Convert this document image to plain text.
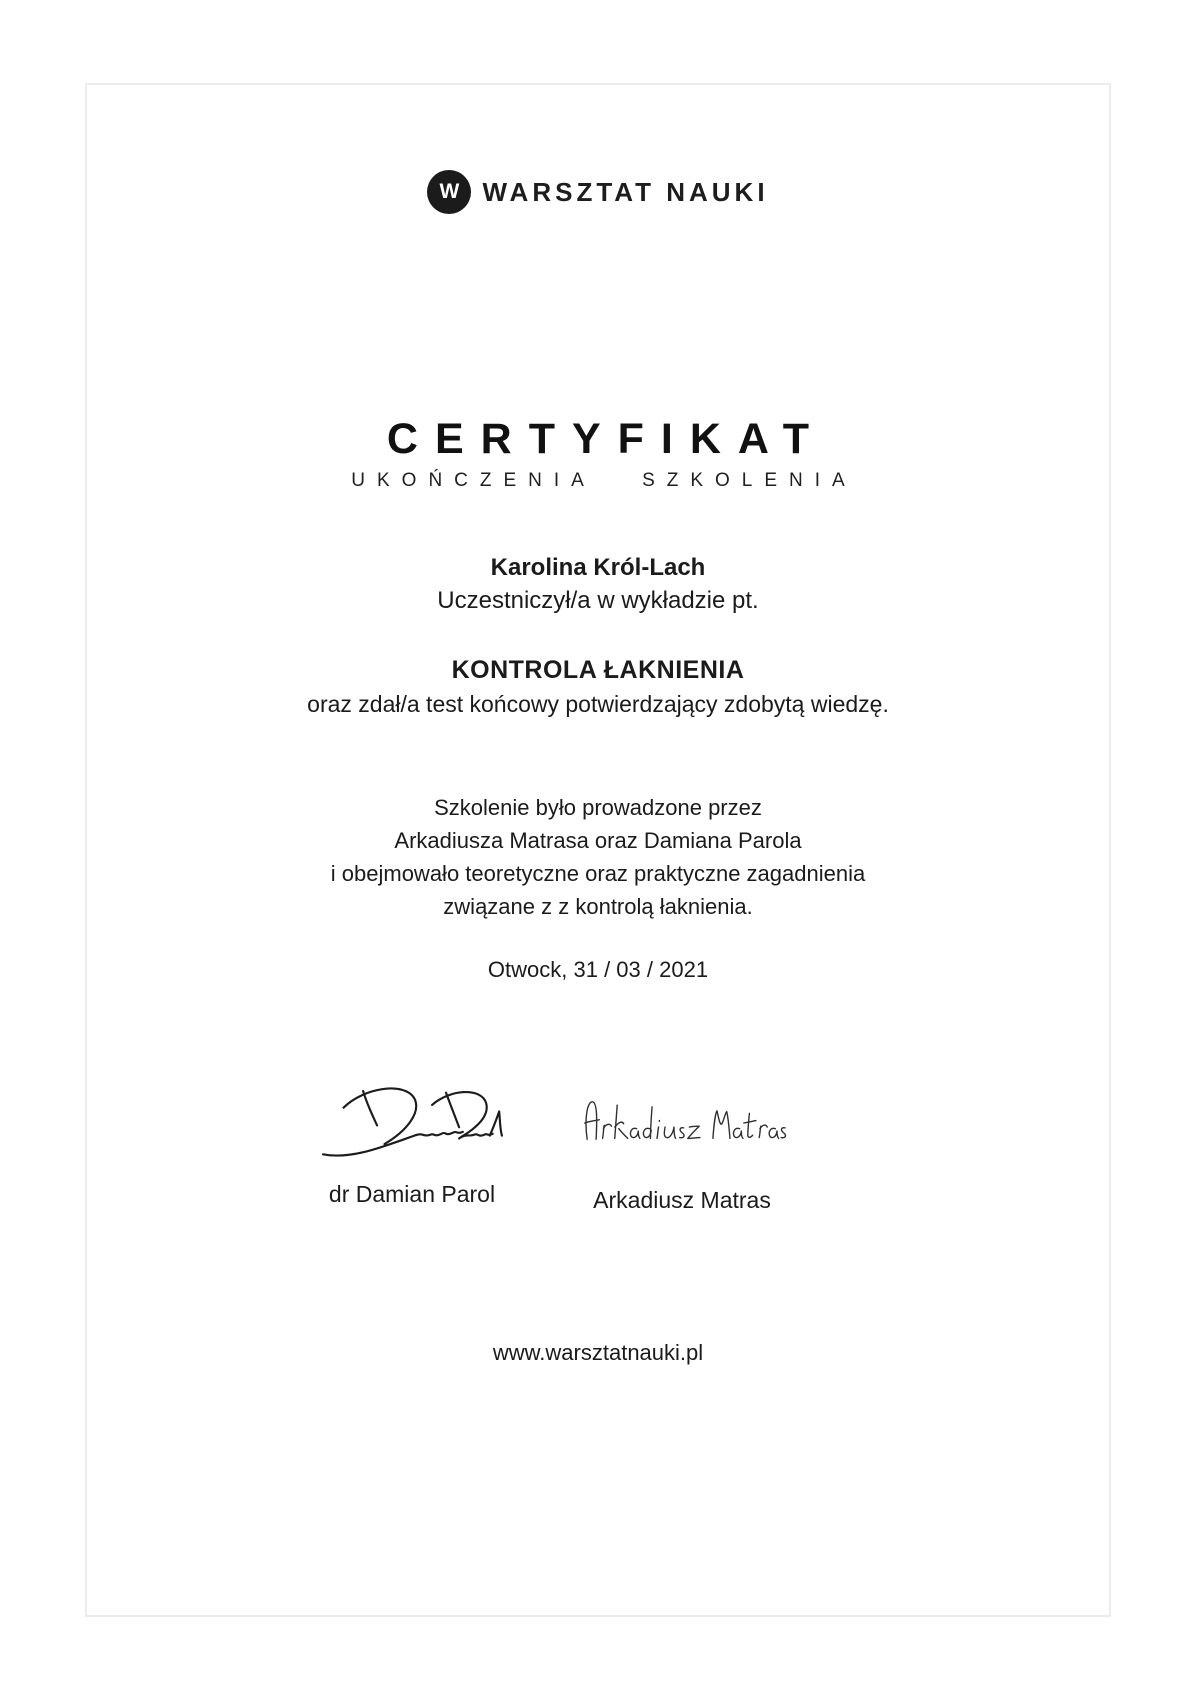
W WARSZTAT NAUKI
CERTYFIKAT
UKOŃCZENIA SZKOLENIA
Karolina Król-Lach
Uczestniczył/a w wykładzie pt.
KONTROLA ŁAKNIENIA
oraz zdał/a test końcowy potwierdzający zdobytą wiedzę.
Szkolenie było prowadzone przez
Arkadiusza Matrasa oraz Damiana Parola
i obejmowało teoretyczne oraz praktyczne zagadnienia
związane z z kontrolą łaknienia.
Otwock, 31 / 03 / 2021
dr Damian Parol	Arkadiusz Matras
www.warsztatnauki.pl
